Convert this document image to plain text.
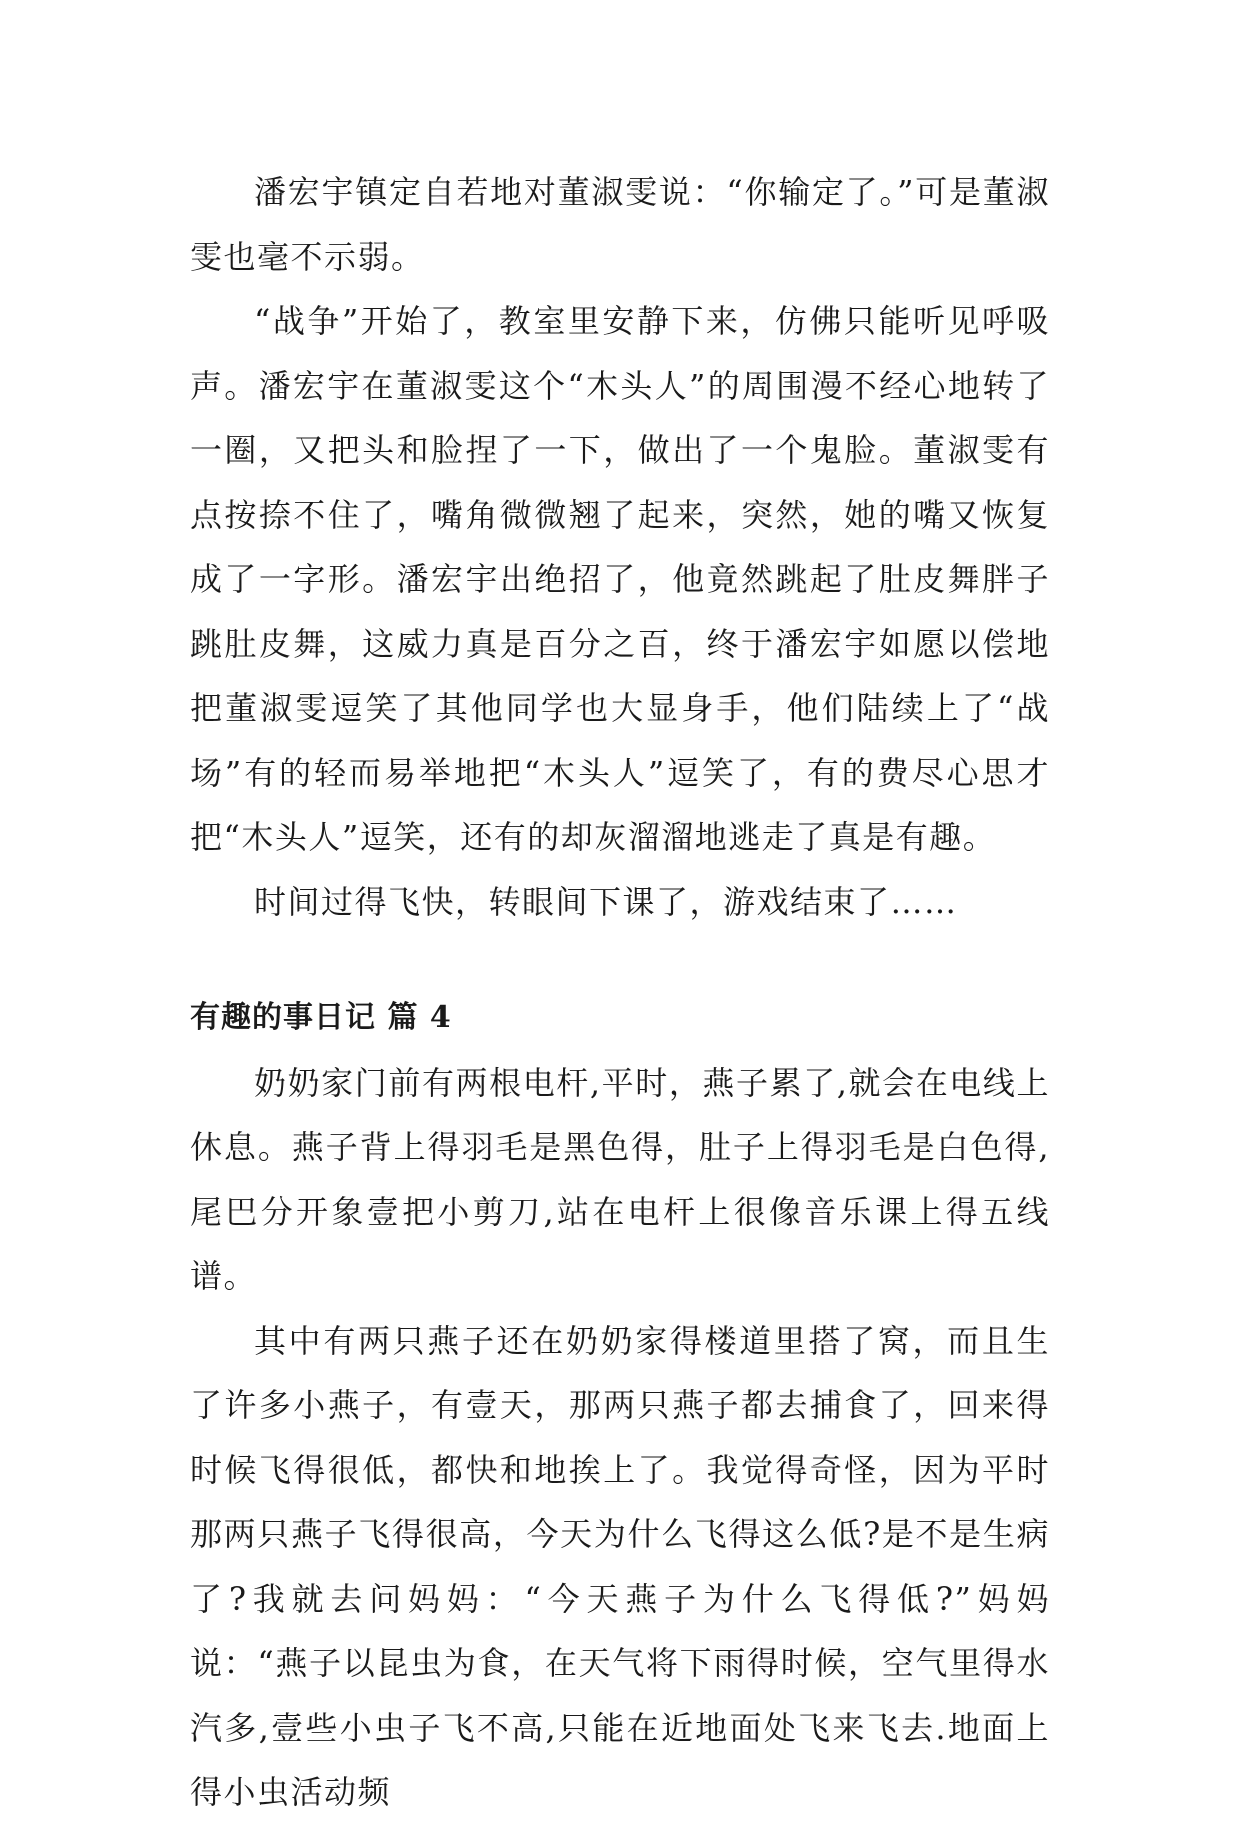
潘宏宇镇定自若地对董淑雯说：“你输定了。”可是董淑雯也毫不示弱。

“战争”开始了，教室里安静下来，仿佛只能听见呼吸声。潘宏宇在董淑雯这个“木头人”的周围漫不经心地转了一圈，又把头和脸捏了一下，做出了一个鬼脸。董淑雯有点按捺不住了，嘴角微微翘了起来，突然，她的嘴又恢复成了一字形。潘宏宇出绝招了，他竟然跳起了肚皮舞胖子跳肚皮舞，这威力真是百分之百，终于潘宏宇如愿以偿地把董淑雯逗笑了其他同学也大显身手，他们陆续上了“战场”有的轻而易举地把“木头人”逗笑了，有的费尽心思才把“木头人”逗笑，还有的却灰溜溜地逃走了真是有趣。

时间过得飞快，转眼间下课了，游戏结束了……

有趣的事日记 篇 4

奶奶家门前有两根电杆,平时，燕子累了,就会在电线上休息。燕子背上得羽毛是黑色得，肚子上得羽毛是白色得,尾巴分开象壹把小剪刀,站在电杆上很像音乐课上得五线谱。

其中有两只燕子还在奶奶家得楼道里搭了窝，而且生了许多小燕子，有壹天，那两只燕子都去捕食了，回来得时候飞得很低，都快和地挨上了。我觉得奇怪，因为平时那两只燕子飞得很高，今天为什么飞得这么低?是不是生病了?我就去问妈妈：“今天燕子为什么飞得低?”妈妈说：“燕子以昆虫为食，在天气将下雨得时候，空气里得水汽多,壹些小虫子飞不高,只能在近地面处飞来飞去.地面上得小虫活动频
